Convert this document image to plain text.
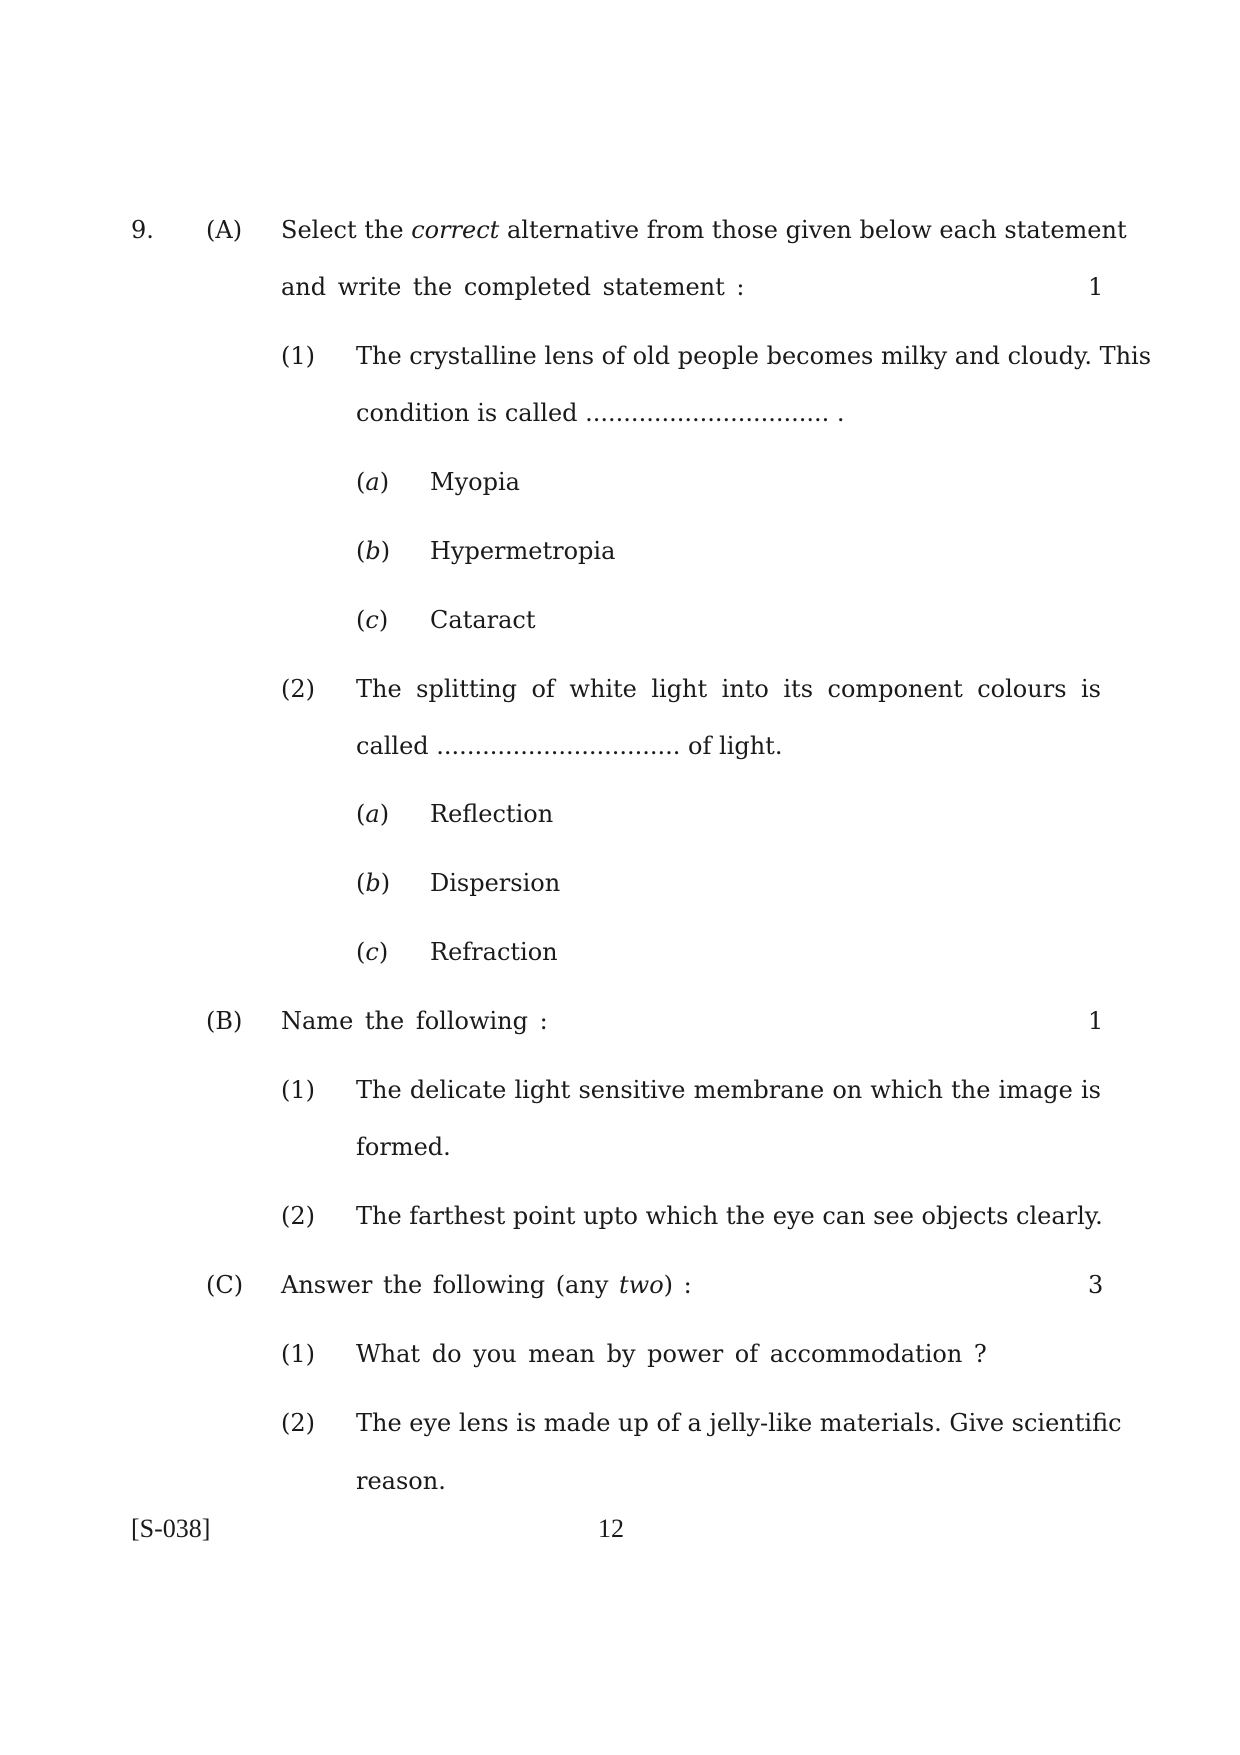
9. (A) Select the correct alternative from those given below each statement
and write the completed statement :	1
(1) The crystalline lens of old people becomes milky and cloudy. This
condition is called ................................ .
(a) Myopia
(b) Hypermetropia
(c) Cataract
(2) The splitting of white light into its component colours is
called ................................ of light.
(a) Reflection
(b) Dispersion
(c) Refraction
(B) Name the following :	1
(1) The delicate light sensitive membrane on which the image is
formed.
(2) The farthest point upto which the eye can see objects clearly.
(C) Answer the following (any two) :	3
(1) What do you mean by power of accommodation ?
(2) The eye lens is made up of a jelly-like materials. Give scientific
reason.
[S-038]	12
